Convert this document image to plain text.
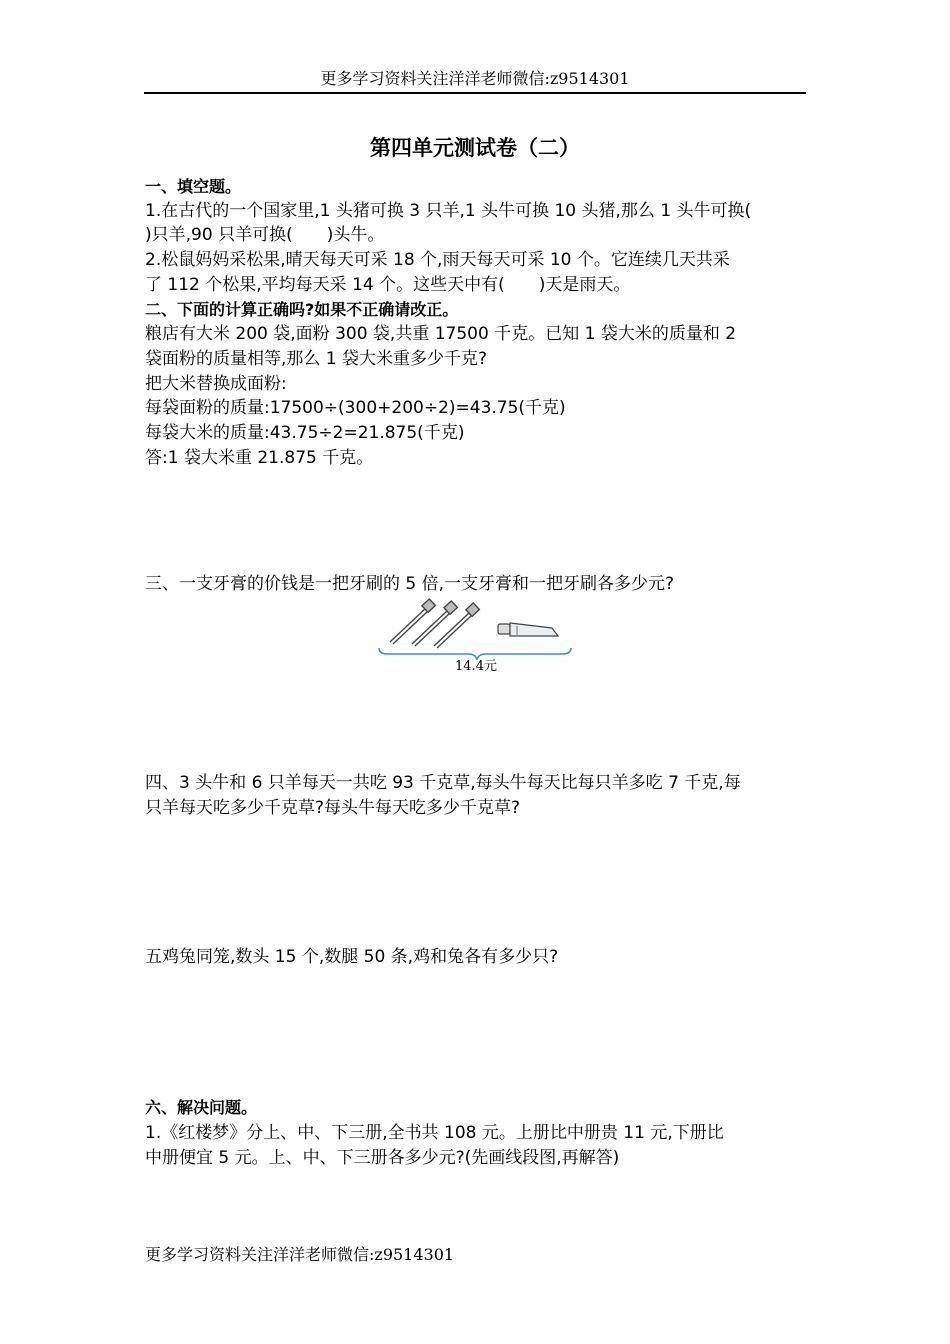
更多学习资料关注洋洋老师微信:z9514301
第四单元测试卷（二）
一、填空题。
1.在古代的一个国家里,1 头猪可换 3 只羊,1 头牛可换 10 头猪,那么 1 头牛可换(
)只羊,90 只羊可换(　　)头牛。
2.松鼠妈妈采松果,晴天每天可采 18 个,雨天每天可采 10 个。它连续几天共采
了 112 个松果,平均每天采 14 个。这些天中有(　　)天是雨天。
二、下面的计算正确吗?如果不正确请改正。
粮店有大米 200 袋,面粉 300 袋,共重 17500 千克。已知 1 袋大米的质量和 2
袋面粉的质量相等,那么 1 袋大米重多少千克?
把大米替换成面粉:
每袋面粉的质量:17500÷(300+200÷2)=43.75(千克)
每袋大米的质量:43.75÷2=21.875(千克)
答:1 袋大米重 21.875 千克。
三、一支牙膏的价钱是一把牙刷的 5 倍,一支牙膏和一把牙刷各多少元?
14.4元
四、3 头牛和 6 只羊每天一共吃 93 千克草,每头牛每天比每只羊多吃 7 千克,每
只羊每天吃多少千克草?每头牛每天吃多少千克草?
五鸡兔同笼,数头 15 个,数腿 50 条,鸡和兔各有多少只?
六、解决问题。
1.《红楼梦》分上、中、下三册,全书共 108 元。上册比中册贵 11 元,下册比
中册便宜 5 元。上、中、下三册各多少元?(先画线段图,再解答)
更多学习资料关注洋洋老师微信:z9514301
